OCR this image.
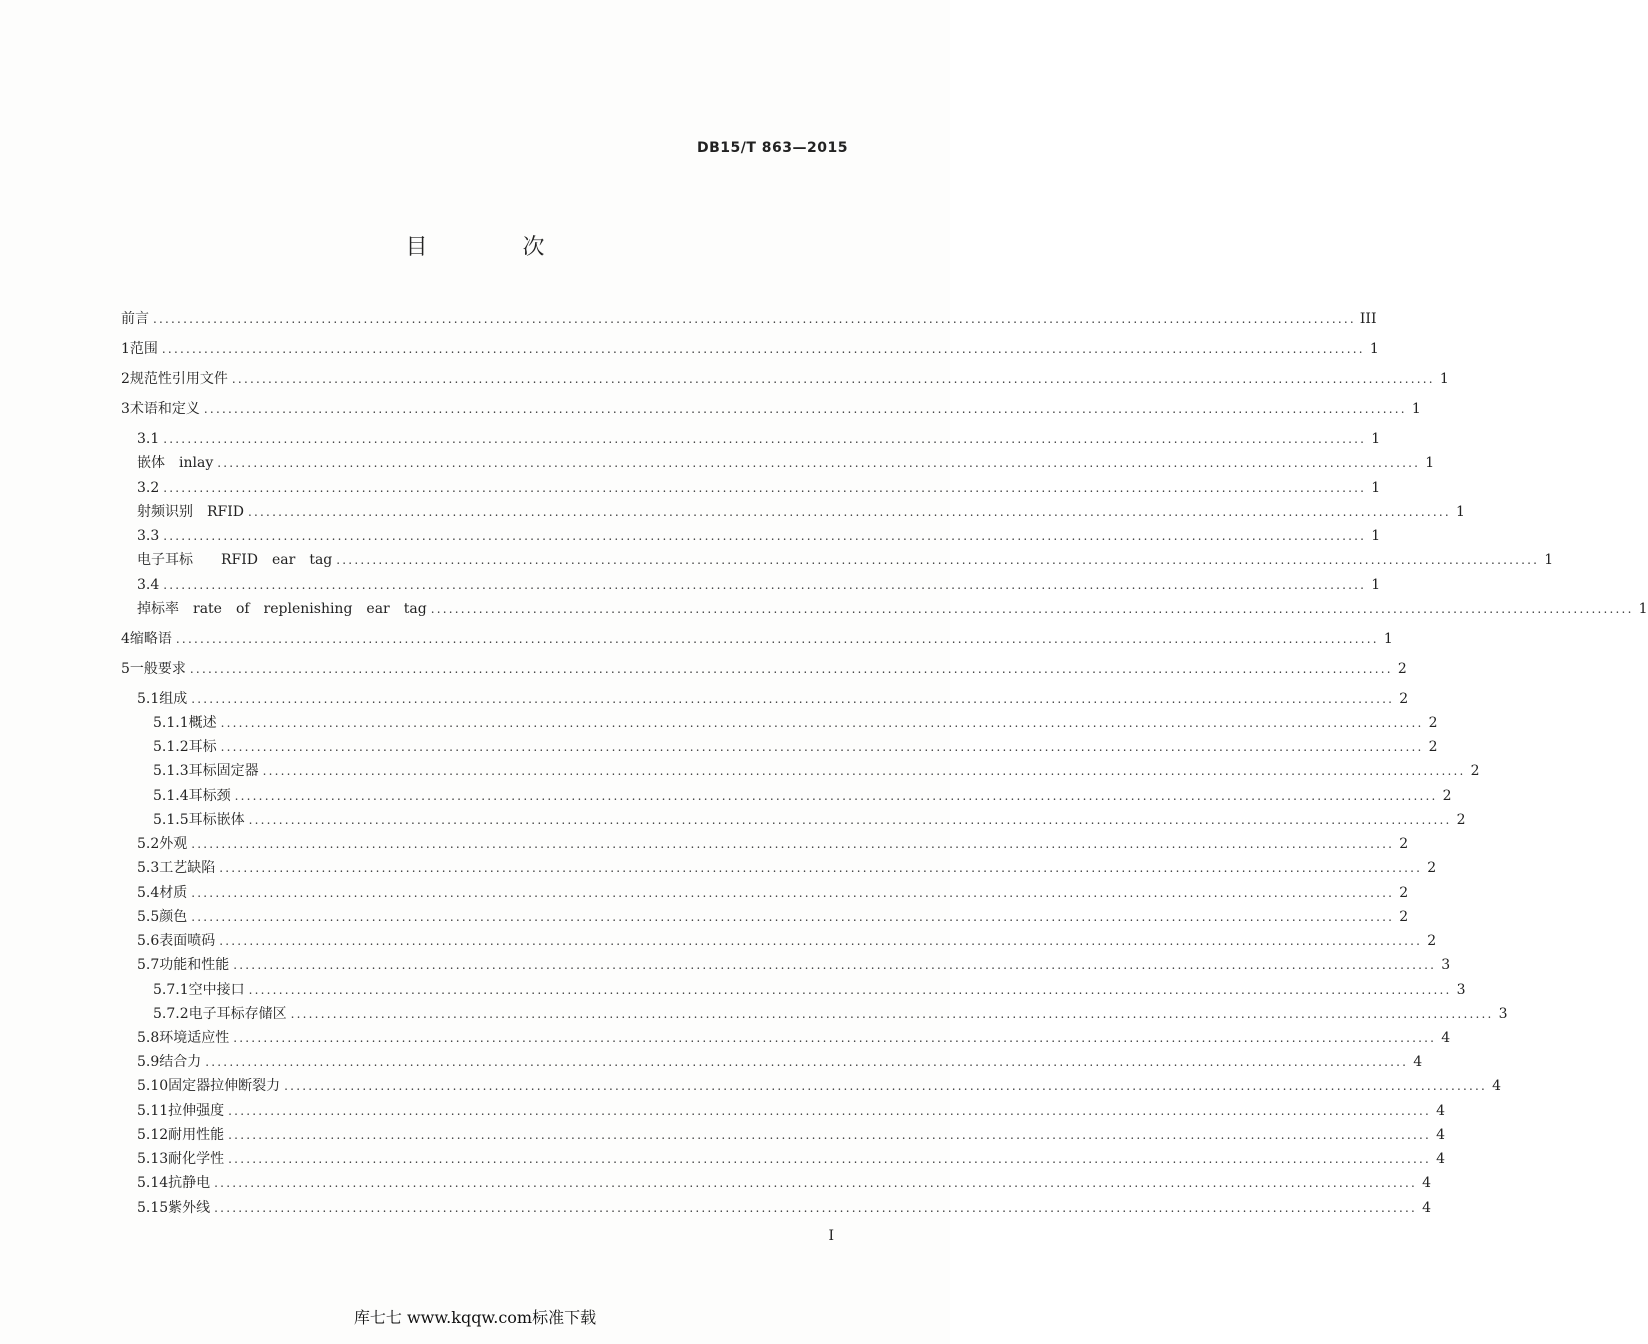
DB15/T 863—2015
目 次
前言 ........................................................................................................................................................................................................ III
1 范围 ........................................................................................................................................................................................................ 1
2 规范性引用文件 ........................................................................................................................................................................................................ 1
3 术语和定义 ........................................................................................................................................................................................................ 1
3.1 ........................................................................................................................................................................................................ 1
嵌体　inlay ........................................................................................................................................................................................................ 1
3.2 ........................................................................................................................................................................................................ 1
射频识别　RFID ........................................................................................................................................................................................................ 1
3.3 ........................................................................................................................................................................................................ 1
电子耳标　　RFID　ear　tag ........................................................................................................................................................................................................ 1
3.4 ........................................................................................................................................................................................................ 1
掉标率　rate　of　replenishing　ear　tag ........................................................................................................................................................................................................ 1
4 缩略语 ........................................................................................................................................................................................................ 1
5 一般要求 ........................................................................................................................................................................................................ 2
5.1 组成 ........................................................................................................................................................................................................ 2
5.1.1 概述 ........................................................................................................................................................................................................ 2
5.1.2 耳标 ........................................................................................................................................................................................................ 2
5.1.3 耳标固定器 ........................................................................................................................................................................................................ 2
5.1.4 耳标颈 ........................................................................................................................................................................................................ 2
5.1.5 耳标嵌体 ........................................................................................................................................................................................................ 2
5.2 外观 ........................................................................................................................................................................................................ 2
5.3 工艺缺陷 ........................................................................................................................................................................................................ 2
5.4 材质 ........................................................................................................................................................................................................ 2
5.5 颜色 ........................................................................................................................................................................................................ 2
5.6 表面喷码 ........................................................................................................................................................................................................ 2
5.7 功能和性能 ........................................................................................................................................................................................................ 3
5.7.1 空中接口 ........................................................................................................................................................................................................ 3
5.7.2 电子耳标存储区 ........................................................................................................................................................................................................ 3
5.8 环境适应性 ........................................................................................................................................................................................................ 4
5.9 结合力 ........................................................................................................................................................................................................ 4
5.10 固定器拉伸断裂力 ........................................................................................................................................................................................................ 4
5.11 拉伸强度 ........................................................................................................................................................................................................ 4
5.12 耐用性能 ........................................................................................................................................................................................................ 4
5.13 耐化学性 ........................................................................................................................................................................................................ 4
5.14 抗静电 ........................................................................................................................................................................................................ 4
5.15 紫外线 ........................................................................................................................................................................................................ 4
I
库七七 www.kqqw.com标准下载
